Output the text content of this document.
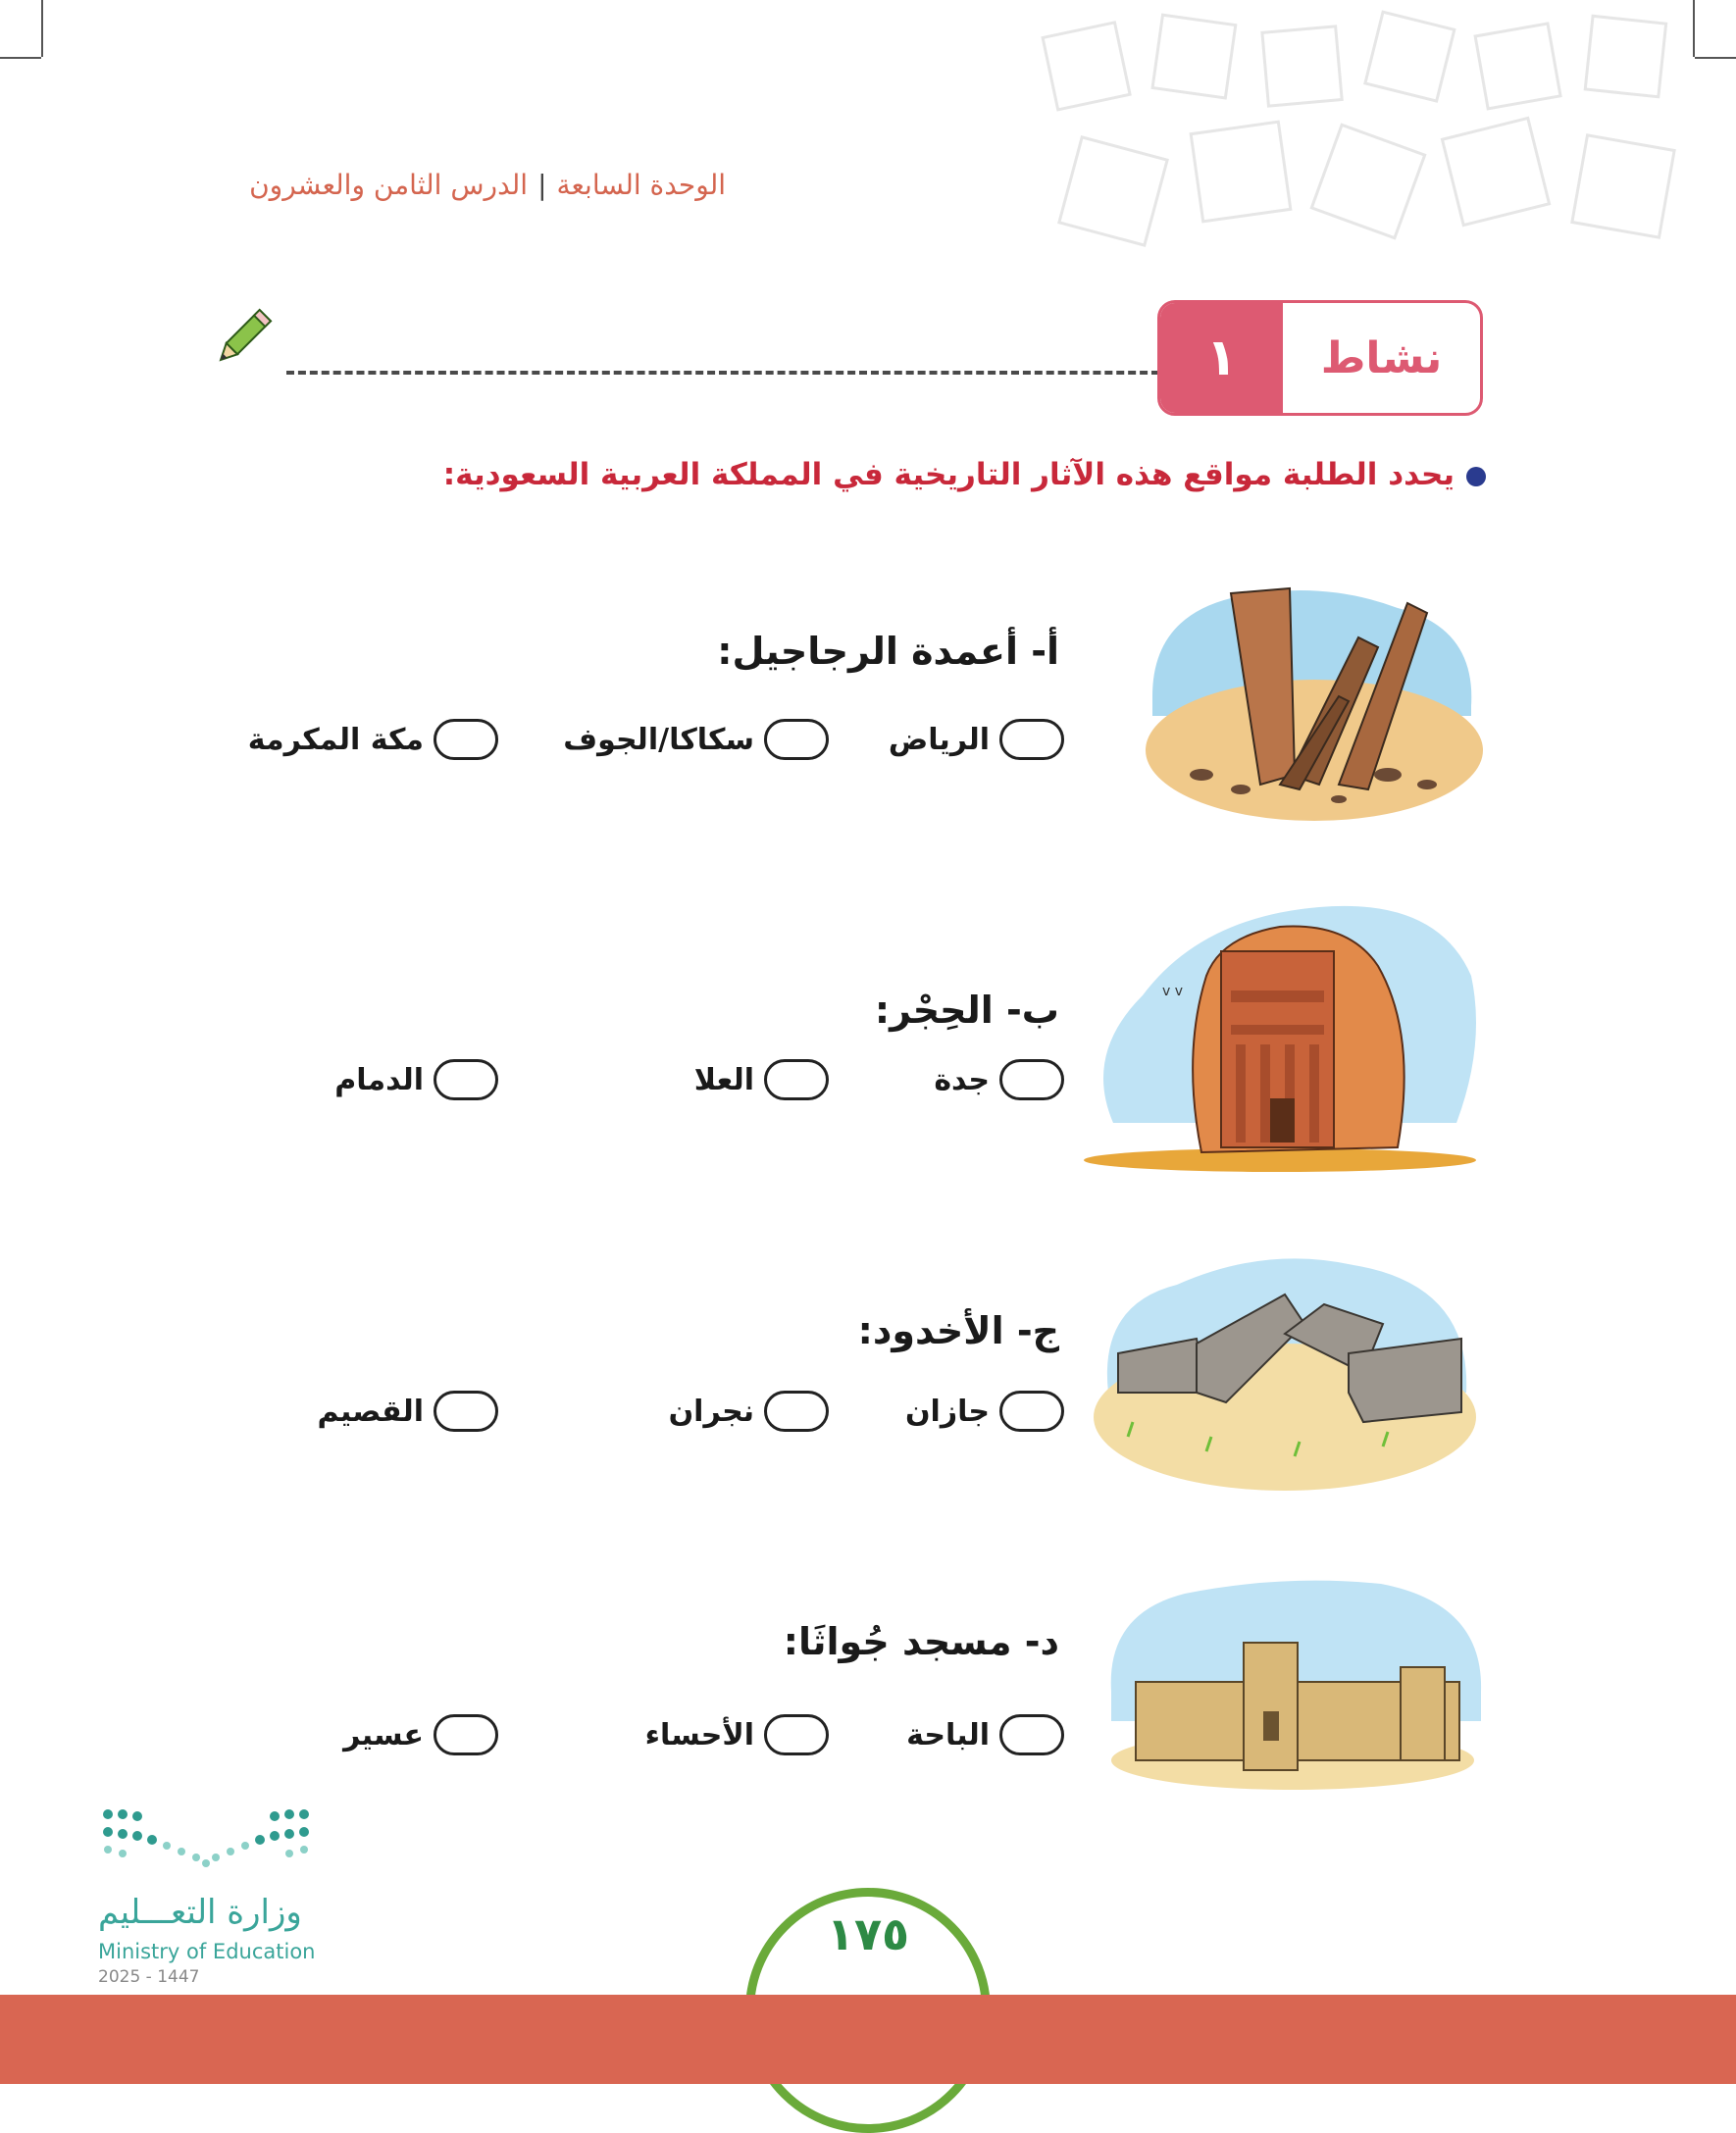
الوحدة السابعة|الدرس الثامن والعشرون
١	نشاط
يحدد الطلبة مواقع هذه الآثار التاريخية في المملكة العربية السعودية:
أ- أعمدة الرجاجيل:
الرياض
سكاكا/الجوف
مكة المكرمة
ب- الحِجْر:
جدة
العلا
الدمام
v v
ج- الأخدود:
جازان
نجران
القصيم
د- مسجد جُواثَا:
الباحة
الأحساء
عسير
١٧٥
وزارة التعـــليم
Ministry of Education
2025 - 1447
